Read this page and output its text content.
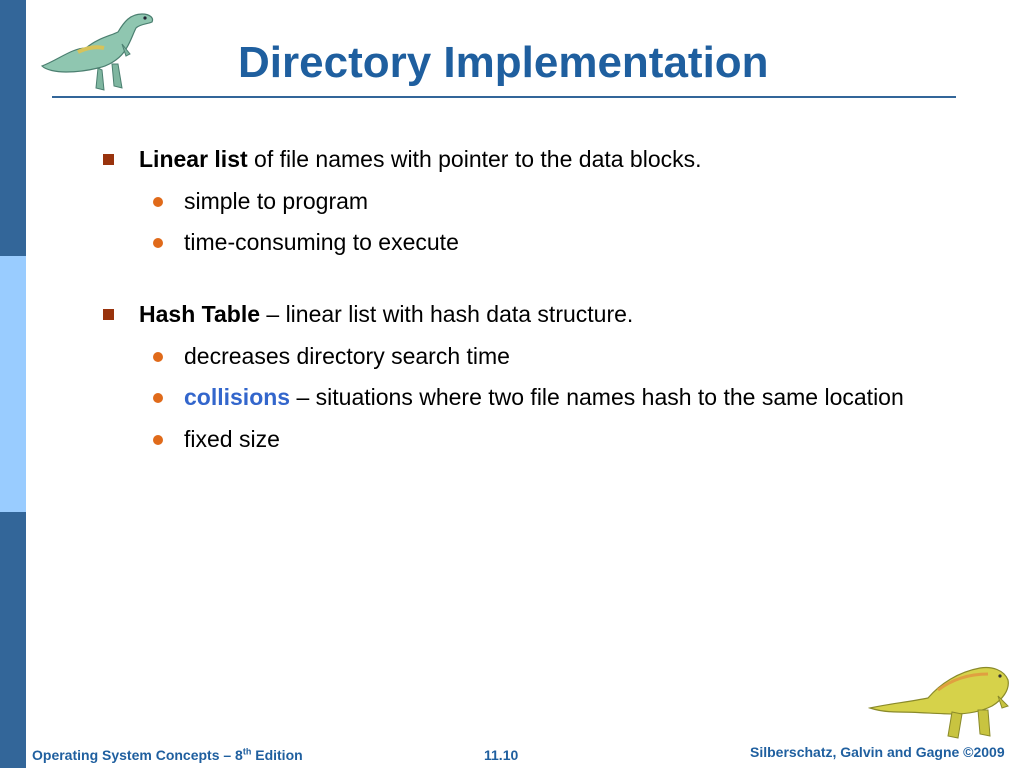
Directory Implementation
Linear list of file names with pointer to the data blocks.
simple to program
time-consuming to execute
Hash Table – linear list with hash data structure.
decreases directory search time
collisions – situations where two file names hash to the same location
fixed size
Operating System Concepts – 8th Edition	11.10	Silberschatz, Galvin and Gagne ©2009
